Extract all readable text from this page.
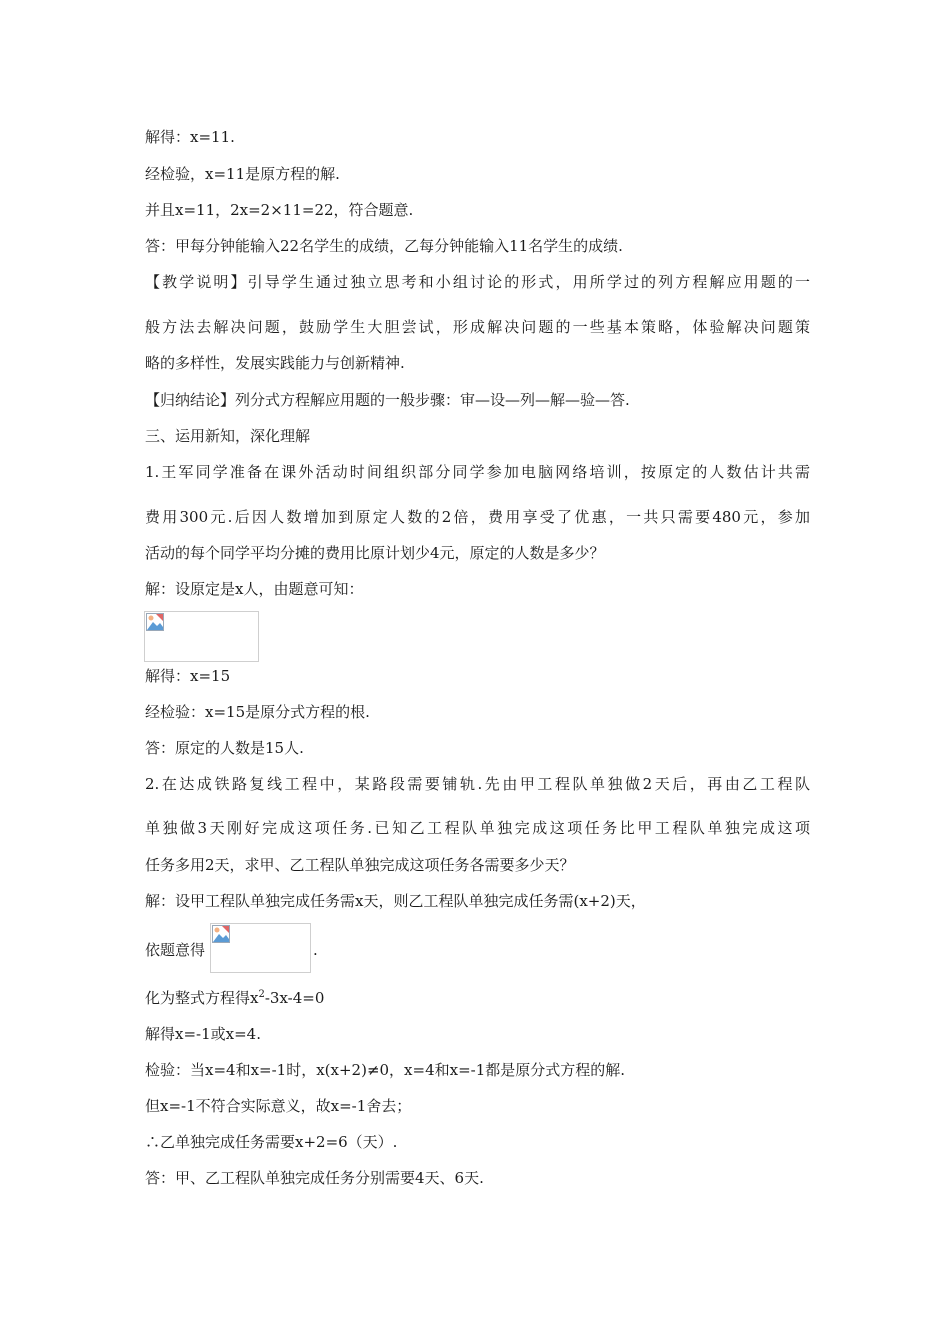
解得：x=11.
经检验，x=11是原方程的解.
并且x=11，2x=2×11=22，符合题意.
答：甲每分钟能输入22名学生的成绩，乙每分钟能输入11名学生的成绩.
【教学说明】引导学生通过独立思考和小组讨论的形式，用所学过的列方程解应用题的一
般方法去解决问题，鼓励学生大胆尝试，形成解决问题的一些基本策略，体验解决问题策
略的多样性，发展实践能力与创新精神.
【归纳结论】列分式方程解应用题的一般步骤：审—设—列—解—验—答.
三、运用新知，深化理解
1.王军同学准备在课外活动时间组织部分同学参加电脑网络培训，按原定的人数估计共需
费用300元.后因人数增加到原定人数的2倍，费用享受了优惠，一共只需要480元，参加
活动的每个同学平均分摊的费用比原计划少4元，原定的人数是多少？
解：设原定是x人，由题意可知：
解得：x=15
经检验：x=15是原分式方程的根.
答：原定的人数是15人.
2.在达成铁路复线工程中，某路段需要铺轨.先由甲工程队单独做2天后，再由乙工程队
单独做3天刚好完成这项任务.已知乙工程队单独完成这项任务比甲工程队单独完成这项
任务多用2天，求甲、乙工程队单独完成这项任务各需要多少天？
解：设甲工程队单独完成任务需x天，则乙工程队单独完成任务需(x+2)天，
依题意得	.
化为整式方程得$x^2-3x-4=0$
解得x=-1或x=4.
检验：当x=4和x=-1时，x(x+2)≠0，x=4和x=-1都是原分式方程的解.
但x=-1不符合实际意义，故x=-1舍去；
∴乙单独完成任务需要x+2=6（天）.
答：甲、乙工程队单独完成任务分别需要4天、6天.
